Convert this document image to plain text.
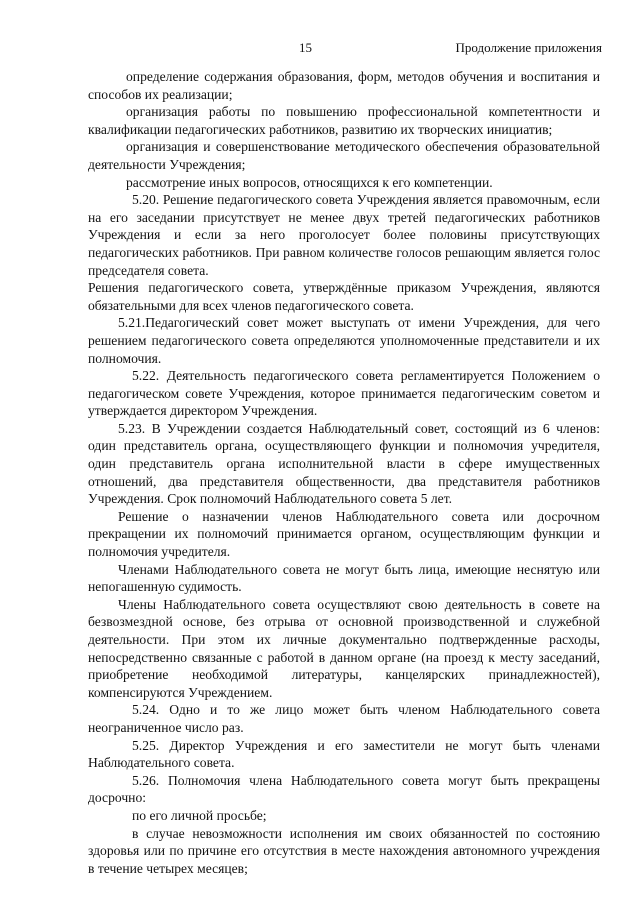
15	Продолжение приложения

определение содержания образования, форм, методов обучения и воспитания и способов их реализации;

организация работы по повышению профессиональной компетентности и квалификации педагогических работников, развитию их творческих инициатив;

организация и совершенствование методического обеспечения образовательной деятельности Учреждения;

рассмотрение иных вопросов, относящихся к его компетенции.

5.20. Решение педагогического совета Учреждения является правомочным, если на его заседании присутствует не менее двух третей педагогических работников Учреждения и если за него проголосует более половины присутствующих педагогических работников. При равном количестве голосов решающим является голос председателя совета.

Решения педагогического совета, утверждённые приказом Учреждения, являются обязательными для всех членов педагогического совета.

5.21.Педагогический совет может выступать от имени Учреждения, для чего решением педагогического совета определяются уполномоченные представители и их полномочия.

5.22. Деятельность педагогического совета регламентируется Положением о педагогическом совете Учреждения, которое принимается педагогическим советом и утверждается директором Учреждения.

5.23. В Учреждении создается Наблюдательный совет, состоящий из 6 членов: один представитель органа, осуществляющего функции и полномочия учредителя, один представитель органа исполнительной власти в сфере имущественных отношений, два представителя общественности, два представителя работников Учреждения. Срок полномочий Наблюдательного совета 5 лет.

Решение о назначении членов Наблюдательного совета или досрочном прекращении их полномочий принимается органом, осуществляющим функции и полномочия учредителя.

Членами Наблюдательного совета не могут быть лица, имеющие неснятую или непогашенную судимость.

Члены Наблюдательного совета осуществляют свою деятельность в совете на безвозмездной основе, без отрыва от основной производственной и служебной деятельности. При этом их личные документально подтвержденные расходы, непосредственно связанные с работой в данном органе (на проезд к месту заседаний, приобретение необходимой литературы, канцелярских принадлежностей), компенсируются Учреждением.

5.24. Одно и то же лицо может быть членом Наблюдательного совета неограниченное число раз.

5.25. Директор Учреждения и его заместители не могут быть членами Наблюдательного совета.

5.26. Полномочия члена Наблюдательного совета могут быть прекращены досрочно:

по его личной просьбе;

в случае невозможности исполнения им своих обязанностей по состоянию здоровья или по причине его отсутствия в месте нахождения автономного учреждения в течение четырех месяцев;
